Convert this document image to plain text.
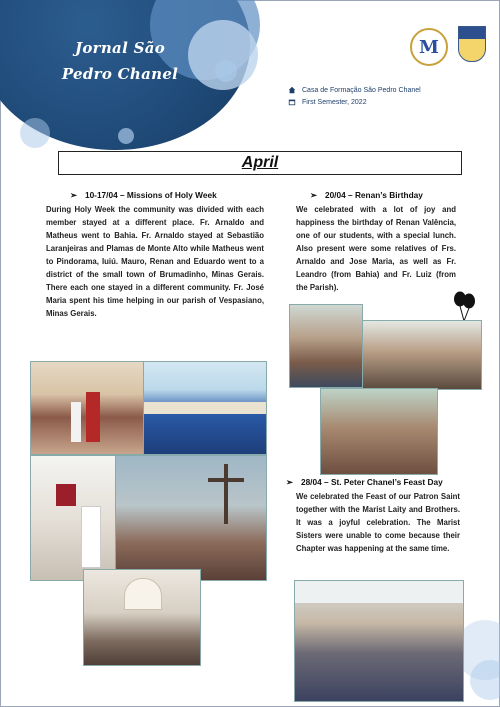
Jornal São
Pedro Chanel
M
Casa de Formação São Pedro Chanel
First Semester, 2022
April
➢ 10-17/04 – Missions of Holy Week
During Holy Week the community was divided with each member stayed at a different place. Fr. Arnaldo and Matheus went to Bahia. Fr. Arnaldo stayed at Sebastião Laranjeiras and Plamas de Monte Alto while Matheus went to Pindorama, Iuiú. Mauro, Renan and Eduardo went to a district of the small town of Brumadinho, Minas Gerais. There each one stayed in a different community. Fr. José Maria spent his time helping in our parish of Vespasiano, Minas Gerais.
➢ 20/04 – Renan’s Birthday
We celebrated with a lot of joy and happiness the birthday of Renan Valência, one of our students, with a special lunch. Also present were some relatives of Frs. Arnaldo and Jose Maria, as well as Fr. Leandro (from Bahia) and Fr. Luiz (from the Parish).
➢ 28/04 – St. Peter Chanel’s Feast Day
We celebrated the Feast of our Patron Saint together with the Marist Laity and Brothers. It was a joyful celebration. The Marist Sisters were unable to come because their Chapter was happening at the same time.
